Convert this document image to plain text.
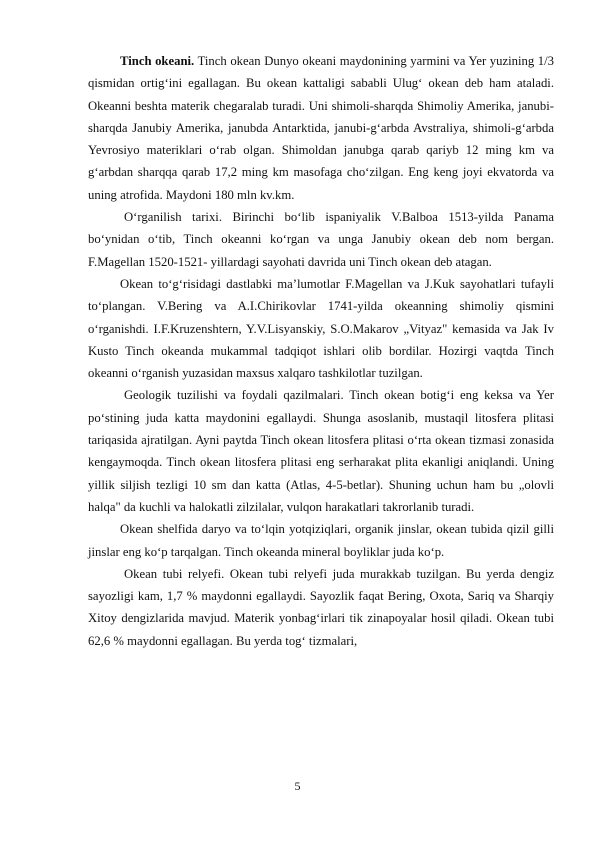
Tinch okeani. Tinch okean Dunyo okeani maydonining yarmini va Yer yuzining 1/3 qismidan ortig‘ini egallagan. Bu okean kattaligi sababli Ulug‘ okean deb ham ataladi. Okeanni beshta materik chegaralab turadi. Uni shimoli-sharqda Shimoliy Amerika, janubi-sharqda Janubiy Amerika, janubda Antarktida, janubi-g‘arbda Avstraliya, shimoli-g‘arbda Yevrosiyo materiklari o‘rab olgan. Shimoldan janubga qarab qariyb 12 ming km va g‘arbdan sharqqa qarab 17,2 ming km masofaga cho‘zilgan. Eng keng joyi ekvatorda va uning atrofida. Maydoni 180 mln kv.km.

O‘rganilish tarixi. Birinchi bo‘lib ispaniyalik V.Balboa 1513-yilda Panama bo‘ynidan o‘tib, Tinch okeanni ko‘rgan va unga Janubiy okean deb nom bergan. F.Magellan 1520-1521- yillardagi sayohati davrida uni Tinch okean deb atagan.

Okean to‘g‘risidagi dastlabki ma’lumotlar F.Magellan va J.Kuk sayohatlari tufayli to‘plangan. V.Bering va A.I.Chirikovlar 1741-yilda okeanning shimoliy qismini o‘rganishdi. I.F.Kruzenshtern, Y.V.Lisyanskiy, S.O.Makarov „Vityaz" kemasida va Jak Iv Kusto Tinch okeanda mukammal tadqiqot ishlari olib bordilar. Hozirgi vaqtda Tinch okeanni o‘rganish yuzasidan maxsus xalqaro tashkilotlar tuzilgan.

Geologik tuzilishi va foydali qazilmalari. Tinch okean botig‘i eng keksa va Yer po‘stining juda katta maydonini egallaydi. Shunga asoslanib, mustaqil litosfera plitasi tariqasida ajratilgan. Ayni paytda Tinch okean litosfera plitasi o‘rta okean tizmasi zonasida kengaymoqda. Tinch okean litosfera plitasi eng serharakat plita ekanligi aniqlandi. Uning yillik siljish tezligi 10 sm dan katta (Atlas, 4-5-betlar). Shuning uchun ham bu „olovli halqa" da kuchli va halokatli zilzilalar, vulqon harakatlari takrorlanib turadi.

Okean shelfida daryo va to‘lqin yotqiziqlari, organik jinslar, okean tubida qizil gilli jinslar eng ko‘p tarqalgan. Tinch okeanda mineral boyliklar juda ko‘p.

Okean tubi relyefi. Okean tubi relyefi juda murakkab tuzilgan. Bu yerda dengiz sayozligi kam, 1,7 % maydonni egallaydi. Sayozlik faqat Bering, Oxota, Sariq va Sharqiy Xitoy dengizlarida mavjud. Materik yonbag‘irlari tik zinapoyalar hosil qiladi. Okean tubi 62,6 % maydonni egallagan. Bu yerda tog‘ tizmalari,

5
